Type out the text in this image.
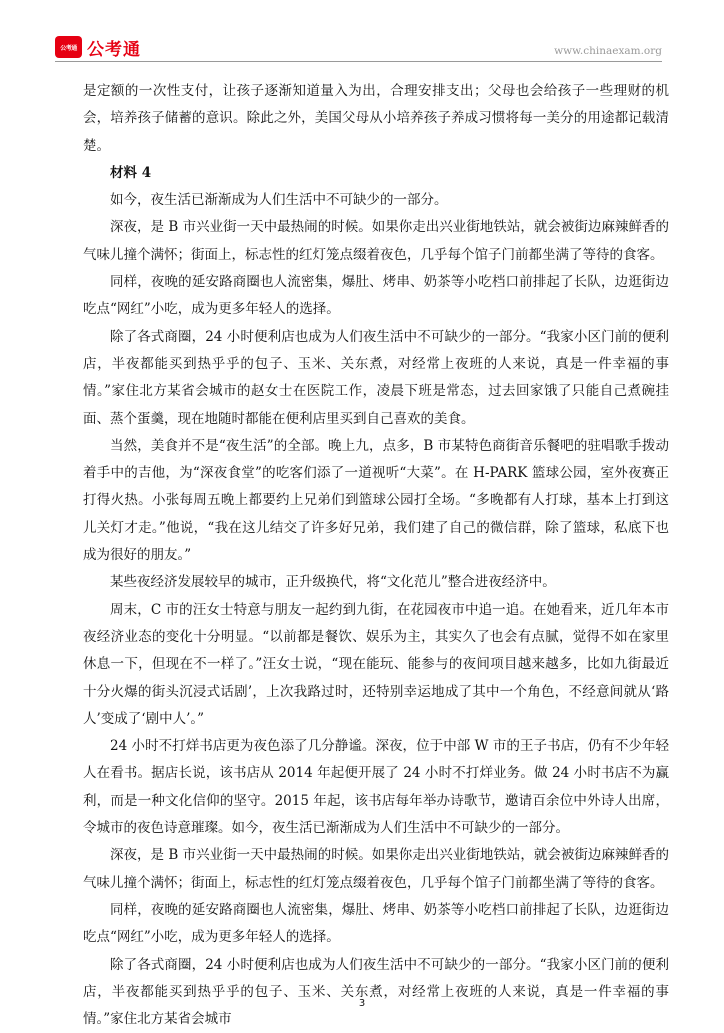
公考通 公考通	www.chinaexam.org

是定额的一次性支付，让孩子逐渐知道量入为出，合理安排支出；父母也会给孩子一些理财的机会，培养孩子储蓄的意识。除此之外，美国父母从小培养孩子养成习惯将每一美分的用途都记载清楚。

材料 4

如今，夜生活已渐渐成为人们生活中不可缺少的一部分。

深夜，是 B 市兴业街一天中最热闹的时候。如果你走出兴业街地铁站，就会被街边麻辣鲜香的气味儿撞个满怀；街面上，标志性的红灯笼点缀着夜色，几乎每个馆子门前都坐满了等待的食客。

同样，夜晚的延安路商圈也人流密集，爆肚、烤串、奶茶等小吃档口前排起了长队，边逛街边吃点“网红”小吃，成为更多年轻人的选择。

除了各式商圈，24 小时便利店也成为人们夜生活中不可缺少的一部分。“我家小区门前的便利店，半夜都能买到热乎乎的包子、玉米、关东煮，对经常上夜班的人来说，真是一件幸福的事情。”家住北方某省会城市的赵女士在医院工作，凌晨下班是常态，过去回家饿了只能自己煮碗挂面、蒸个蛋羹，现在地随时都能在便利店里买到自己喜欢的美食。

当然，美食并不是“夜生活”的全部。晚上九，点多，B 市某特色商街音乐餐吧的驻唱歌手拨动着手中的吉他，为“深夜食堂”的吃客们添了一道视听“大菜”。在 H-PARK 篮球公园，室外夜赛正打得火热。小张每周五晚上都要约上兄弟们到篮球公园打全场。“多晚都有人打球，基本上打到这儿关灯才走。”他说，“我在这儿结交了许多好兄弟，我们建了自己的微信群，除了篮球，私底下也成为很好的朋友。”

某些夜经济发展较早的城市，正升级换代，将“文化范儿”整合进夜经济中。

周末，C 市的汪女士特意与朋友一起约到九街，在花园夜市中追一追。在她看来，近几年本市夜经济业态的变化十分明显。“以前都是餐饮、娱乐为主，其实久了也会有点腻，觉得不如在家里休息一下，但现在不一样了。”汪女士说，“现在能玩、能参与的夜间项目越来越多，比如九街最近十分火爆的街头沉浸式话剧’，上次我路过时，还特别幸运地成了其中一个角色，不经意间就从‘路人’变成了‘剧中人’。”

24 小时不打烊书店更为夜色添了几分静谧。深夜，位于中部 W 市的王子书店，仍有不少年轻人在看书。据店长说，该书店从 2014 年起便开展了 24 小时不打烊业务。做 24 小时书店不为赢利，而是一种文化信仰的坚守。2015 年起，该书店每年举办诗歌节，邀请百余位中外诗人出席，令城市的夜色诗意璀璨。如今，夜生活已渐渐成为人们生活中不可缺少的一部分。

深夜，是 B 市兴业街一天中最热闹的时候。如果你走出兴业街地铁站，就会被街边麻辣鲜香的气味儿撞个满怀；街面上，标志性的红灯笼点缀着夜色，几乎每个馆子门前都坐满了等待的食客。

同样，夜晚的延安路商圈也人流密集，爆肚、烤串、奶茶等小吃档口前排起了长队，边逛街边吃点“网红”小吃，成为更多年轻人的选择。

除了各式商圈，24 小时便利店也成为人们夜生活中不可缺少的一部分。“我家小区门前的便利店，半夜都能买到热乎乎的包子、玉米、关东煮，对经常上夜班的人来说，真是一件幸福的事情。”家住北方某省会城市

3
